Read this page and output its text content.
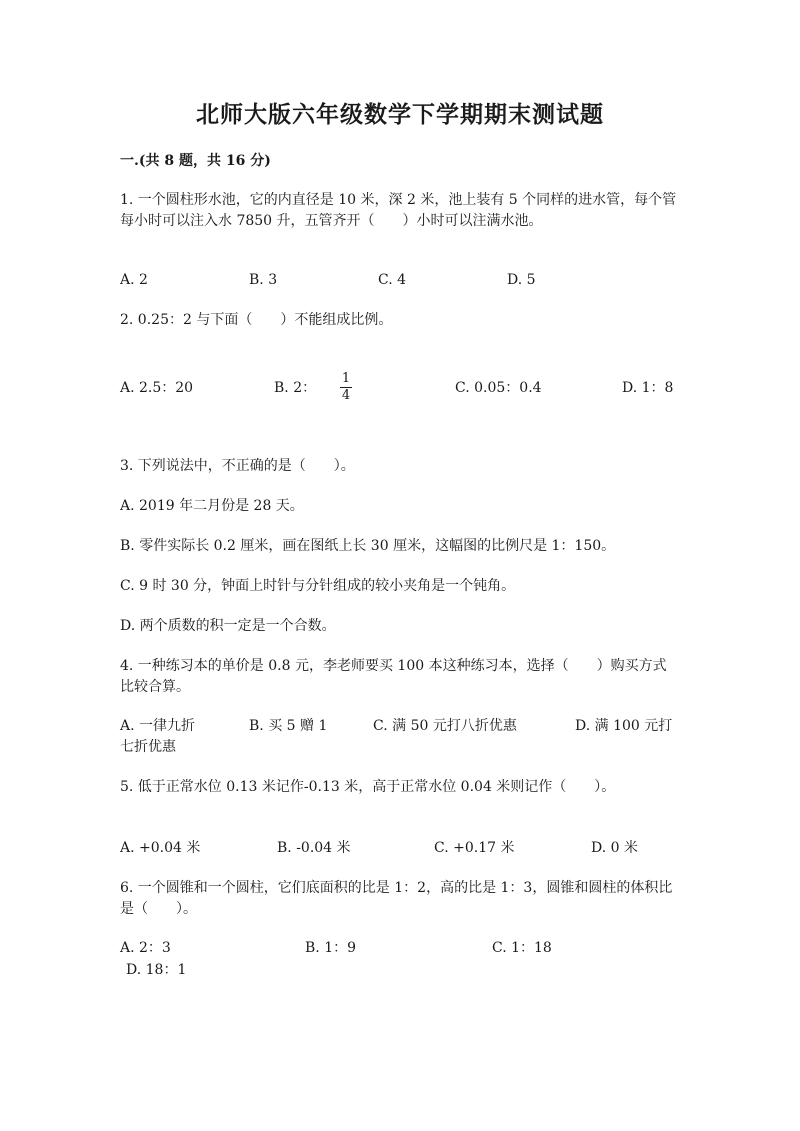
北师大版六年级数学下学期期末测试题
一.(共 8 题，共 16 分)
1. 一个圆柱形水池，它的内直径是 10 米，深 2 米，池上装有 5 个同样的进水管，每个管每小时可以注入水 7850 升，五管齐开（　　）小时可以注满水池。
A. 2	B. 3	C. 4	D. 5
2. 0.25：2 与下面（　　）不能组成比例。
A. 2.5：20	B. 2：
1
4	C. 0.05：0.4	D. 1：8
3. 下列说法中，不正确的是（　　）。
A. 2019 年二月份是 28 天。
B. 零件实际长 0.2 厘米，画在图纸上长 30 厘米，这幅图的比例尺是 1：150。
C. 9 时 30 分，钟面上时针与分针组成的较小夹角是一个钝角。
D. 两个质数的积一定是一个合数。
4. 一种练习本的单价是 0.8 元，李老师要买 100 本这种练习本，选择（　　）购买方式比较合算。
A. 一律九折	B. 买 5 赠 1	C. 满 50 元打八折优惠	D. 满 100 元打
七折优惠
5. 低于正常水位 0.13 米记作-0.13 米，高于正常水位 0.04 米则记作（　　）。
A. +0.04 米	B. -0.04 米	C. +0.17 米	D. 0 米
6. 一个圆锥和一个圆柱，它们底面积的比是 1：2，高的比是 1：3，圆锥和圆柱的体积比是（　　）。
A. 2：3	B. 1：9	C. 1：18
D. 18：1
